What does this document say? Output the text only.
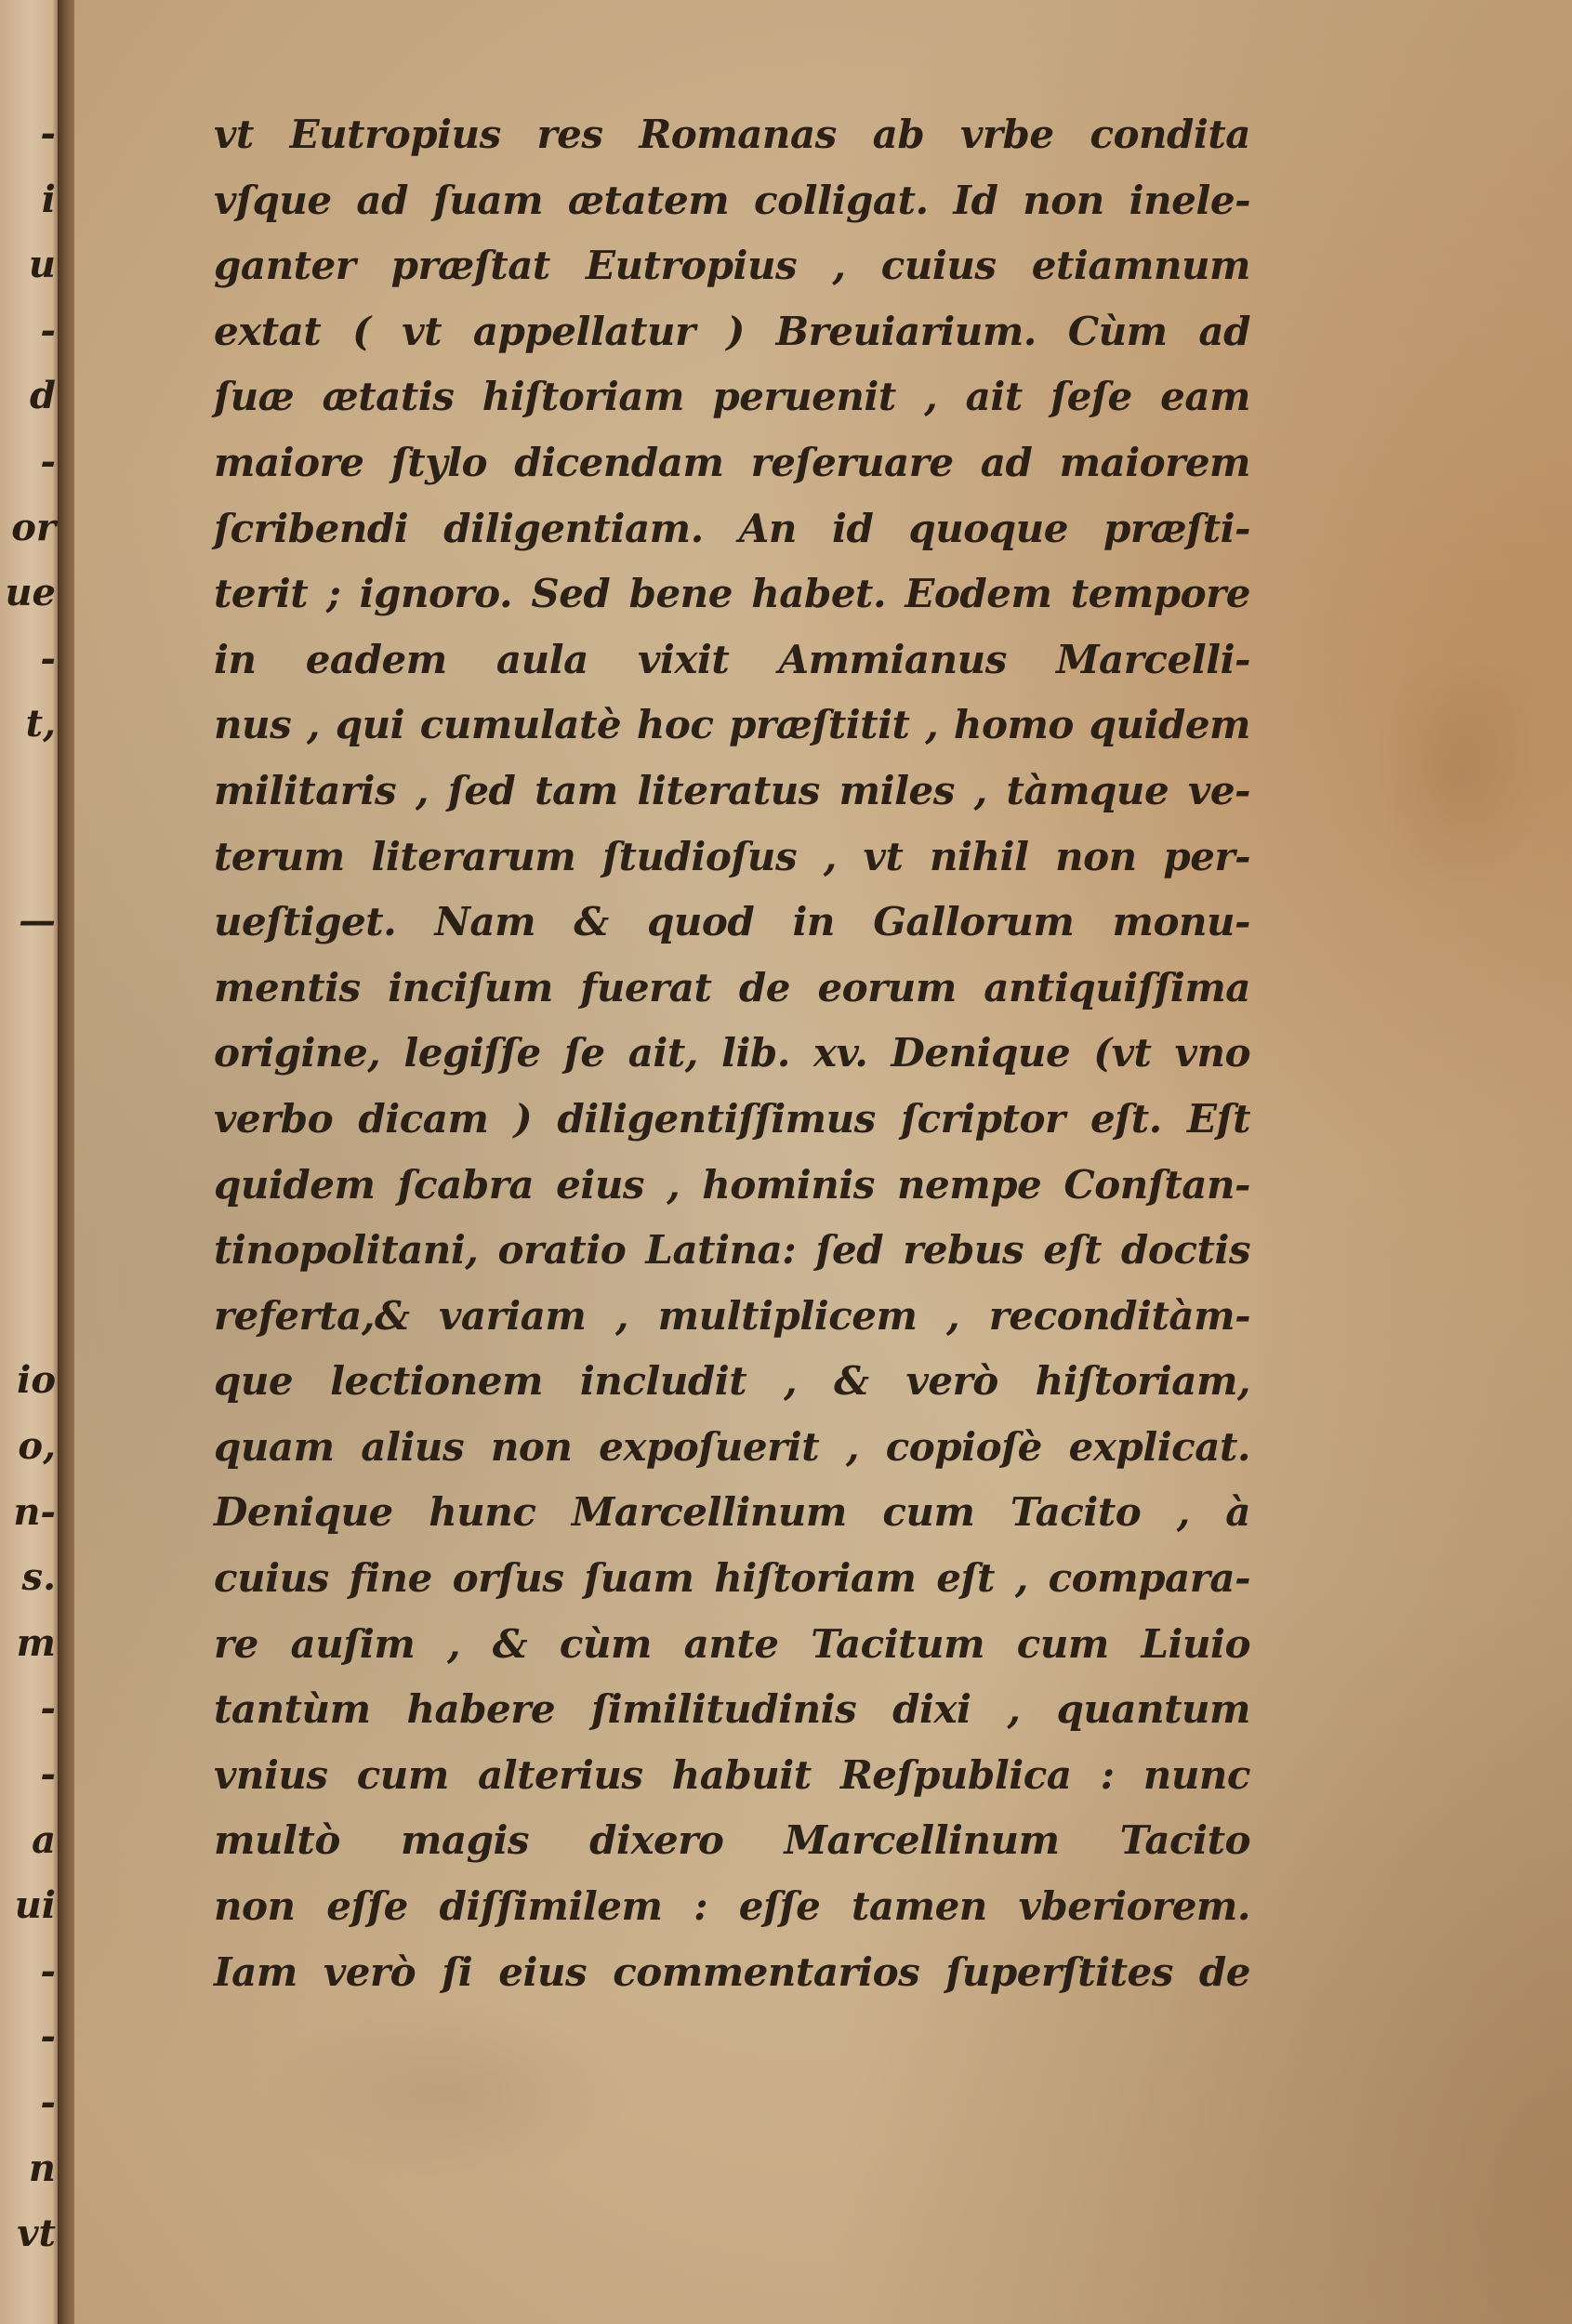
-
i
u
-
d
-
or
ue
-
t,
—
io
o,
n-
s.
m
-
-
a
ui
-
-
-
n
vt
vt Eutropius res Romanas ab vrbe condita
vſque ad ſuam ætatem colligat. Id non inele-
ganter præſtat Eutropius , cuius etiamnum
extat ( vt appellatur ) Breuiarium. Cùm ad
ſuæ ætatis hiſtoriam peruenit , ait ſeſe eam
maiore ſtylo dicendam reſeruare ad maiorem
ſcribendi diligentiam. An id quoque præſti-
terit ; ignoro. Sed bene habet. Eodem tempore
in eadem aula vixit Ammianus Marcelli-
nus , qui cumulatè hoc præſtitit , homo quidem
militaris , ſed tam literatus miles , tàmque ve-
terum literarum ſtudioſus , vt nihil non per-
ueſtiget. Nam & quod in Gallorum monu-
mentis inciſum fuerat de eorum antiquiſſima
origine, legiſſe ſe ait, lib. xv. Denique (vt vno
verbo dicam ) diligentiſſimus ſcriptor eſt. Eſt
quidem ſcabra eius , hominis nempe Conſtan-
tinopolitani, oratio Latina: ſed rebus eſt doctis
referta,& variam , multiplicem , reconditàm-
que lectionem includit , & verò hiſtoriam,
quam alius non expoſuerit , copioſè explicat.
Denique hunc Marcellinum cum Tacito , à
cuius fine orſus ſuam hiſtoriam eſt , compara-
re auſim , & cùm ante Tacitum cum Liuio
tantùm habere ſimilitudinis dixi , quantum
vnius cum alterius habuit Reſpublica : nunc
multò magis dixero Marcellinum Tacito
non eſſe diſſimilem : eſſe tamen vberiorem.
Iam verò ſi eius commentarios ſuperſtites de
